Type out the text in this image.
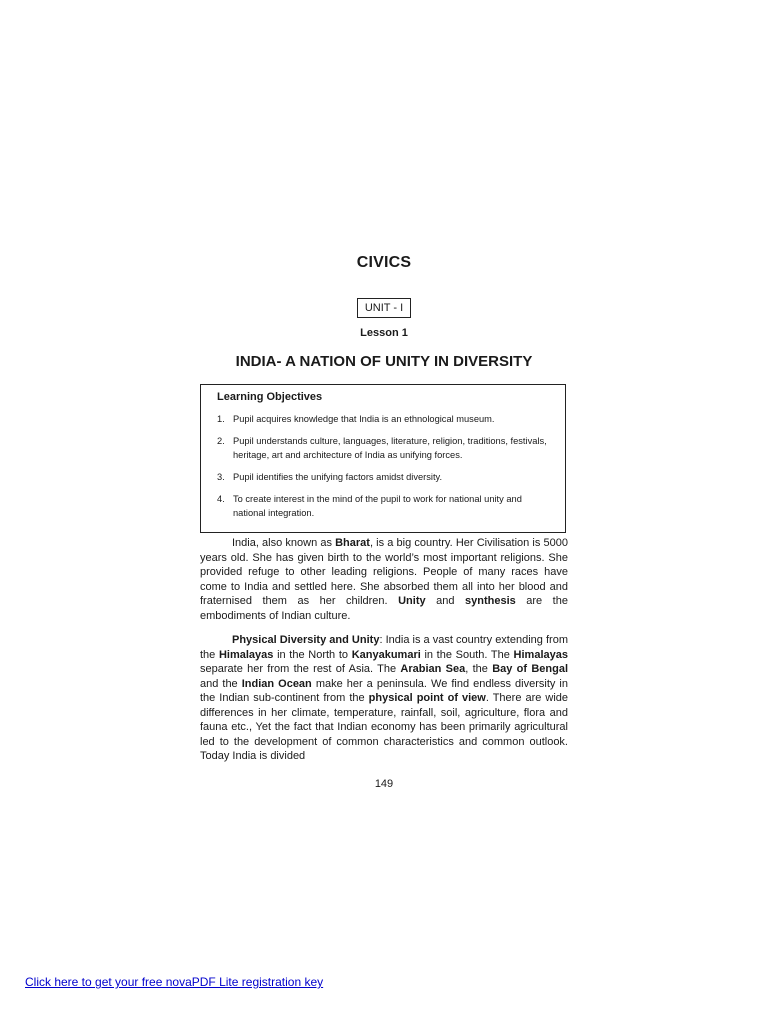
CIVICS
UNIT - I

Lesson 1

INDIA- A NATION OF UNITY IN DIVERSITY

Learning Objectives

1. Pupil acquires knowledge that India is an ethnological museum.
2. Pupil understands culture, languages, literature, religion, traditions, festivals, heritage, art and architecture of India as unifying forces.
3. Pupil identifies the unifying factors amidst diversity.
4. To create interest in the mind of the pupil to work for national unity and national integration.

India, also known as Bharat, is a big country. Her Civilisation is 5000 years old. She has given birth to the world’s most important religions. She provided refuge to other leading religions. People of many races have come to India and settled here. She absorbed them all into her blood and fraternised them as her children. Unity and synthesis are the embodiments of Indian culture.

Physical Diversity and Unity: India is a vast country extending from the Himalayas in the North to Kanyakumari in the South. The Himalayas separate her from the rest of Asia. The Arabian Sea, the Bay of Bengal and the Indian Ocean make her a peninsula. We find endless diversity in the Indian sub-continent from the physical point of view. There are wide differences in her climate, temperature, rainfall, soil, agriculture, flora and fauna etc., Yet the fact that Indian economy has been primarily agricultural led to the development of common characteristics and common outlook. Today India is divided

149

Click here to get your free novaPDF Lite registration key
